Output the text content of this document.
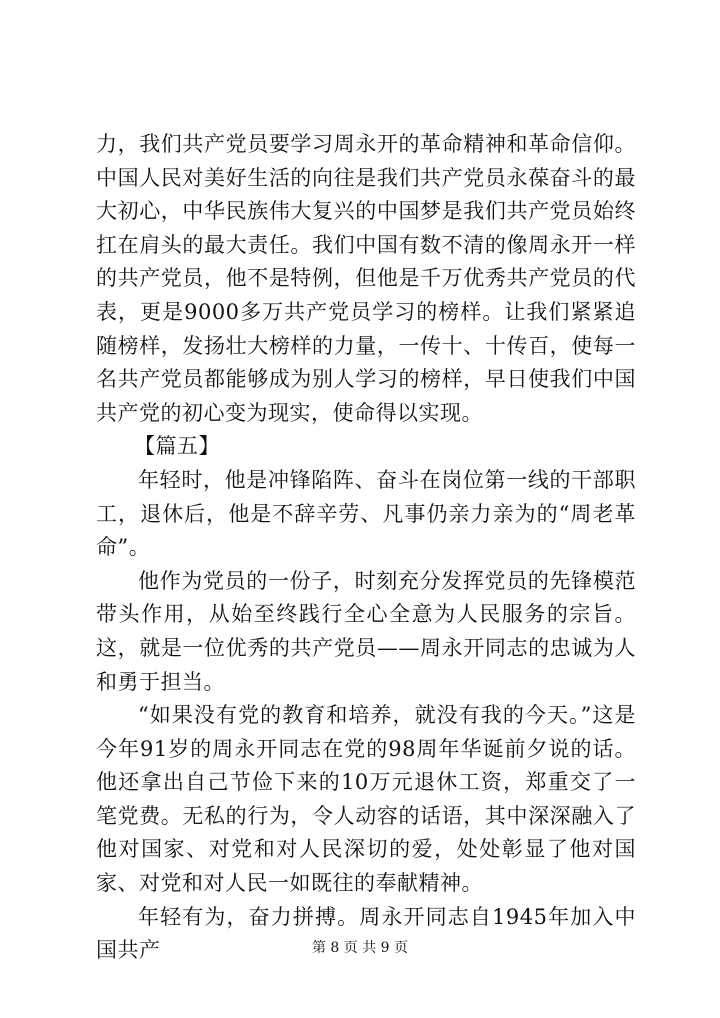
力，我们共产党员要学习周永开的革命精神和革命信仰。中国人民对美好生活的向往是我们共产党员永葆奋斗的最大初心，中华民族伟大复兴的中国梦是我们共产党员始终扛在肩头的最大责任。我们中国有数不清的像周永开一样的共产党员，他不是特例，但他是千万优秀共产党员的代表，更是9000多万共产党员学习的榜样。让我们紧紧追随榜样，发扬壮大榜样的力量，一传十、十传百，使每一名共产党员都能够成为别人学习的榜样，早日使我们中国共产党的初心变为现实，使命得以实现。

【篇五】

年轻时，他是冲锋陷阵、奋斗在岗位第一线的干部职工，退休后，他是不辞辛劳、凡事仍亲力亲为的“周老革命”。

他作为党员的一份子，时刻充分发挥党员的先锋模范带头作用，从始至终践行全心全意为人民服务的宗旨。这，就是一位优秀的共产党员——周永开同志的忠诚为人和勇于担当。

“如果没有党的教育和培养，就没有我的今天。”这是今年91岁的周永开同志在党的98周年华诞前夕说的话。他还拿出自己节俭下来的10万元退休工资，郑重交了一笔党费。无私的行为，令人动容的话语，其中深深融入了他对国家、对党和对人民深切的爱，处处彰显了他对国家、对党和对人民一如既往的奉献精神。

年轻有为，奋力拼搏。周永开同志自1945年加入中国共产	第 8 页 共 9 页
